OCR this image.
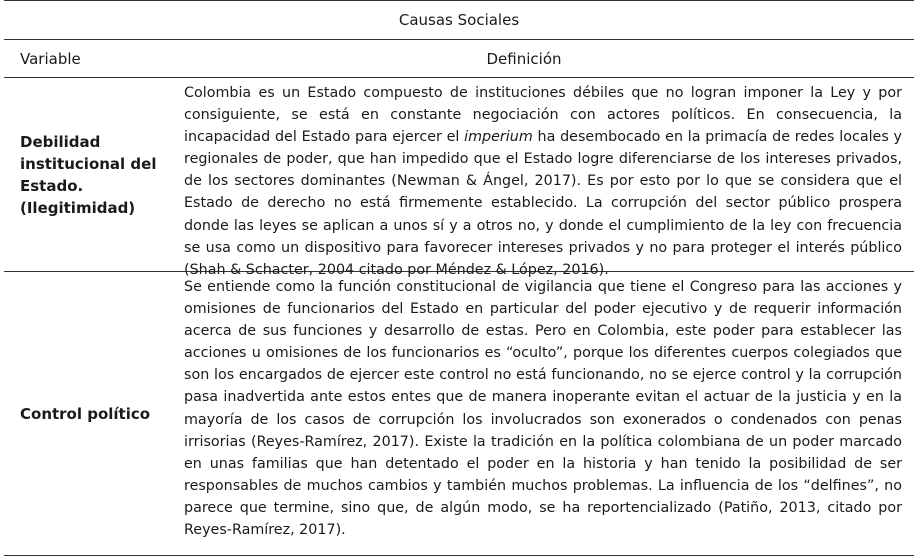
Causas Sociales
Variable	Definición
Debilidad
institucional del
Estado.
(Ilegitimidad)
Colombia es un Estado compuesto de instituciones débiles que no logran imponer la Ley y por consiguiente, se está en constante negociación con actores políticos. En consecuencia, la incapacidad del Estado para ejercer el imperium ha desembocado en la primacía de redes locales y regionales de poder, que han impedido que el Estado logre diferenciarse de los intereses privados, de los sectores dominantes (Newman & Ángel, 2017). Es por esto por lo que se considera que el Estado de derecho no está firmemente establecido. La corrupción del sector público prospera donde las leyes se aplican a unos sí y a otros no, y donde el cumplimiento de la ley con frecuencia se usa como un dispositivo para favorecer intereses privados y no para proteger el interés público (Shah & Schacter, 2004 citado por Méndez & López, 2016).
Control político
Se entiende como la función constitucional de vigilancia que tiene el Congreso para las acciones y omisiones de funcionarios del Estado en particular del poder ejecutivo y de requerir información acerca de sus funciones y desarrollo de estas. Pero en Colombia, este poder para establecer las acciones u omisiones de los funcionarios es “oculto”, porque los diferentes cuerpos colegiados que son los encargados de ejercer este control no está funcionando, no se ejerce control y la corrupción pasa inadvertida ante estos entes que de manera inoperante evitan el actuar de la justicia y en la mayoría de los casos de corrupción los involucrados son exonerados o condenados con penas irrisorias (Reyes-Ramírez, 2017). Existe la tradición en la política colombiana de un poder marcado en unas familias que han detentado el poder en la historia y han tenido la posibilidad de ser responsables de muchos cambios y también muchos problemas. La influencia de los “delfines”, no parece que termine, sino que, de algún modo, se ha reportencializado (Patiño, 2013, citado por Reyes-Ramírez, 2017).
